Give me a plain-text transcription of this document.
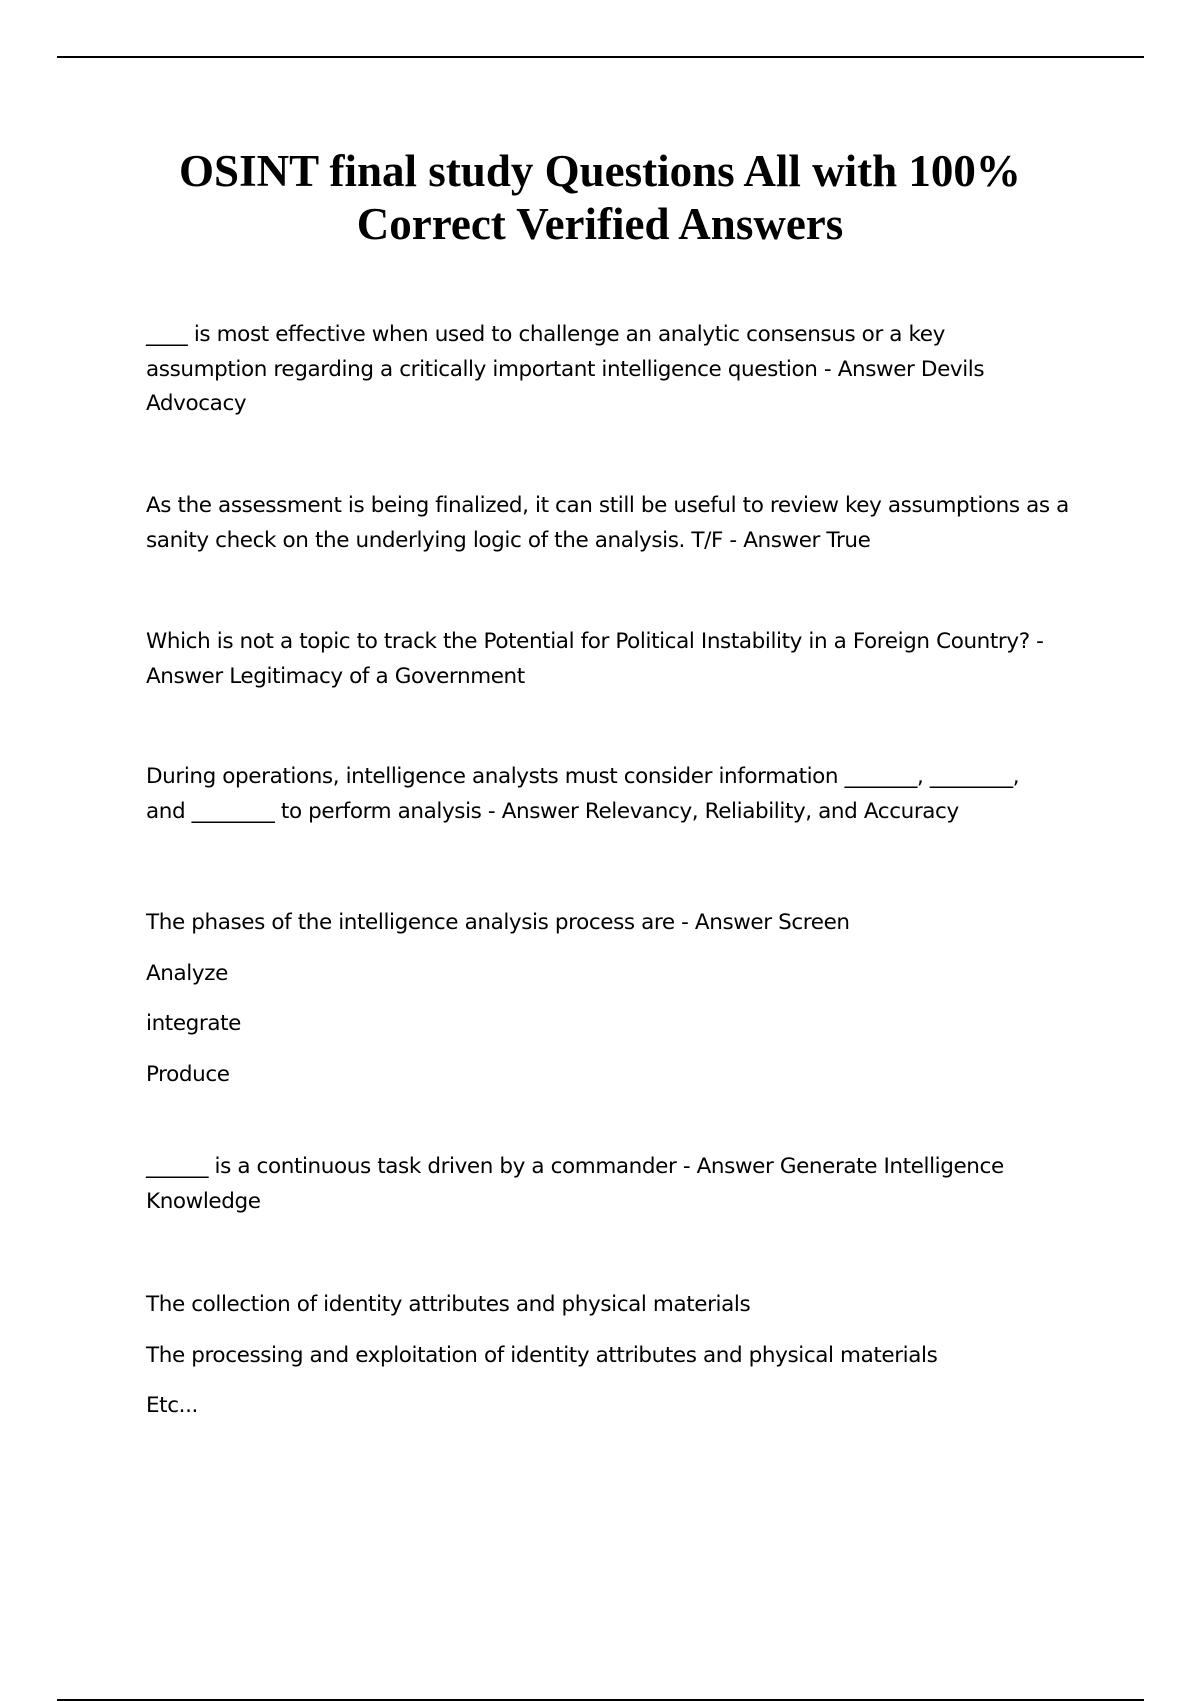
OSINT final study Questions All with 100%
Correct Verified Answers
____ is most effective when used to challenge an analytic consensus or a key
assumption regarding a critically important intelligence question - Answer Devils
Advocacy
As the assessment is being finalized, it can still be useful to review key assumptions as a
sanity check on the underlying logic of the analysis. T/F - Answer True
Which is not a topic to track the Potential for Political Instability in a Foreign Country? -
Answer Legitimacy of a Government
During operations, intelligence analysts must consider information _______, ________,
and ________ to perform analysis - Answer Relevancy, Reliability, and Accuracy
The phases of the intelligence analysis process are - Answer Screen
Analyze
integrate
Produce
______ is a continuous task driven by a commander - Answer Generate Intelligence
Knowledge
The collection of identity attributes and physical materials
The processing and exploitation of identity attributes and physical materials
Etc...
